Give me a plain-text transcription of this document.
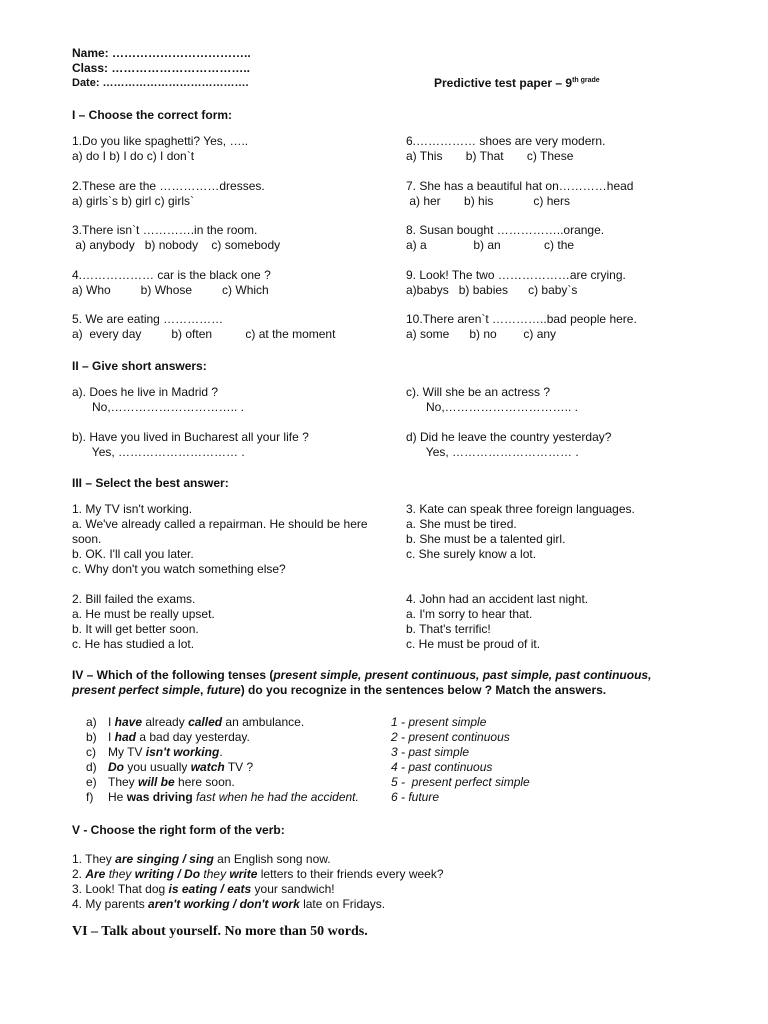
Name: ……………………………..
Class: ……………………………..
Date: ………………………………….	Predictive test paper – $9^{th grade}$
I – Choose the correct form:
1.Do you like spaghetti? Yes, …..
a) do I b) I do c) I don`t
2.These are the ……………dresses.
a) girls`s b) girl c) girls`
3.There isn`t ………….in the room.
a) anybody   b) nobody    c) somebody
4.……………… car is the black one ?
a) Who         b) Whose         c) Which
5. We are eating ……………
a)  every day         b) often          c) at the moment
6.…………… shoes are very modern.
a) This       b) That       c) These
7. She has a beautiful hat on…………head
a) her       b) his            c) hers
8. Susan bought ……………..orange.
a) a              b) an             c) the
9. Look! The two ………………are crying.
a)babys   b) babies      c) baby`s
10.There aren`t …………..bad people here.
a) some      b) no        c) any
II – Give short answers:
a). Does he live in Madrid ?
No,………………………….. .
b). Have you lived in Bucharest all your life ?
Yes, ………………………… .
c). Will she be an actress ?
No,………………………….. .
d) Did he leave the country yesterday?
Yes, ………………………… .
III – Select the best answer:
1. My TV isn't working.
a. We've already called a repairman. He should be here soon.
b. OK. I'll call you later.
c. Why don't you watch something else?
2. Bill failed the exams.
a. He must be really upset.
b. It will get better soon.
c. He has studied a lot.
3. Kate can speak three foreign languages.
a. She must be tired.
b. She must be a talented girl.
c. She surely know a lot.
4. John had an accident last night.
a. I'm sorry to hear that.
b. That's terrific!
c. He must be proud of it.
IV – Which of the following tenses (present simple, present continuous, past simple, past continuous, present perfect simple, future) do you recognize in the sentences below ? Match the answers.
a) I have already called an ambulance.
b) I had a bad day yesterday.
c)	My TV isn't working.
d) Do you usually watch TV ?
e) They will be here soon.
f)	He was driving fast when he had the accident.
1 - present simple
2 - present continuous
3 - past simple
4 - past continuous
5 -  present perfect simple
6 - future
V - Choose the right form of the verb:
1. They are singing / sing an English song now.
2. Are they writing / Do they write letters to their friends every week?
3. Look! That dog is eating / eats your sandwich!
4. My parents aren't working / don't work late on Fridays.
VI – Talk about yourself. No more than 50 words.
